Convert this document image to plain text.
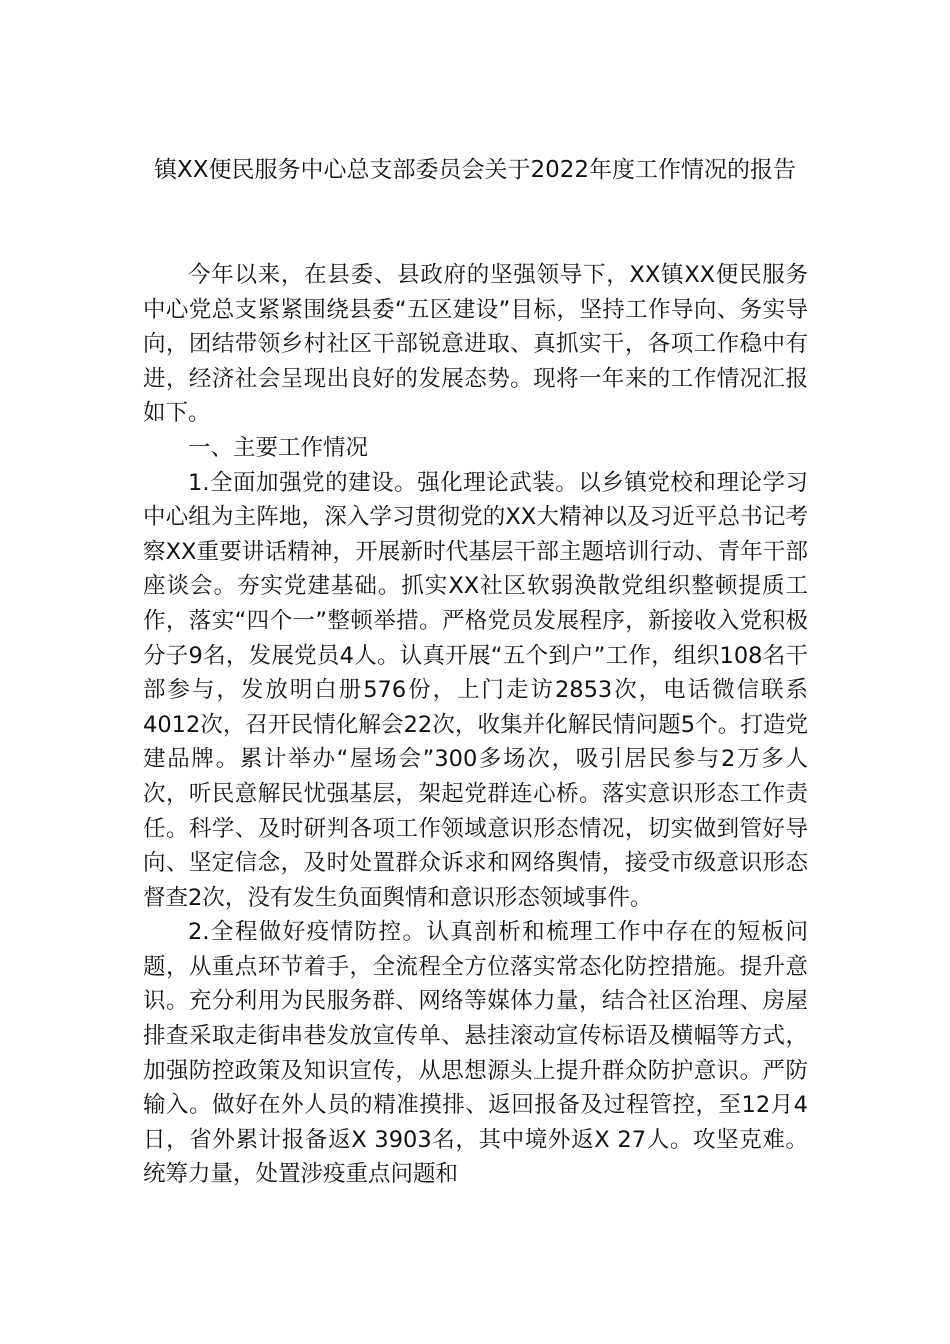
镇XX便民服务中心总支部委员会关于2022年度工作情况的报告

今年以来，在县委、县政府的坚强领导下，XX镇XX便民服务中心党总支紧紧围绕县委“五区建设”目标，坚持工作导向、务实导向，团结带领乡村社区干部锐意进取、真抓实干，各项工作稳中有进，经济社会呈现出良好的发展态势。现将一年来的工作情况汇报如下。

一、主要工作情况

1.全面加强党的建设。强化理论武装。以乡镇党校和理论学习中心组为主阵地，深入学习贯彻党的XX大精神以及习近平总书记考察XX重要讲话精神，开展新时代基层干部主题培训行动、青年干部座谈会。夯实党建基础。抓实XX社区软弱涣散党组织整顿提质工作，落实“四个一”整顿举措。严格党员发展程序，新接收入党积极分子9名，发展党员4人。认真开展“五个到户”工作，组织108名干部参与，发放明白册576份，上门走访2853次，电话微信联系4012次，召开民情化解会22次，收集并化解民情问题5个。打造党建品牌。累计举办“屋场会”300多场次，吸引居民参与2万多人次，听民意解民忧强基层，架起党群连心桥。落实意识形态工作责任。科学、及时研判各项工作领域意识形态情况，切实做到管好导向、坚定信念，及时处置群众诉求和网络舆情，接受市级意识形态督查2次，没有发生负面舆情和意识形态领域事件。

2.全程做好疫情防控。认真剖析和梳理工作中存在的短板问题，从重点环节着手，全流程全方位落实常态化防控措施。提升意识。充分利用为民服务群、网络等媒体力量，结合社区治理、房屋排查采取走街串巷发放宣传单、悬挂滚动宣传标语及横幅等方式，加强防控政策及知识宣传，从思想源头上提升群众防护意识。严防输入。做好在外人员的精准摸排、返回报备及过程管控，至12月4日，省外累计报备返X 3903名，其中境外返X 27人。攻坚克难。统筹力量，处置涉疫重点问题和
